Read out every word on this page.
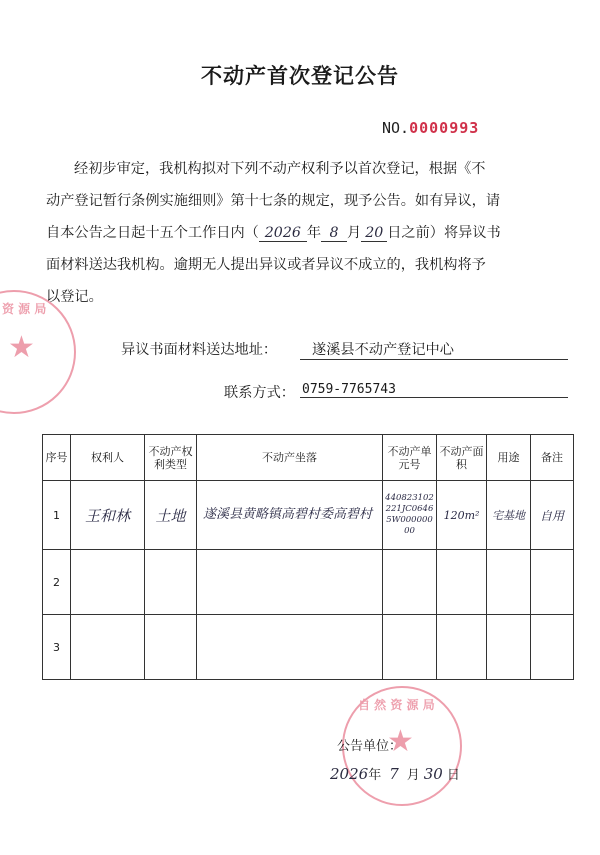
不动产首次登记公告
NO.0000993
经初步审定，我机构拟对下列不动产权利予以首次登记，根据《不
动产登记暂行条例实施细则》第十七条的规定，现予公告。如有异议，请
自本公告之日起十五个工作日内（ 2026 年 8 月 20 日之前）将异议书
面材料送达我机构。逾期无人提出异议或者异议不成立的，我机构将予
以登记。
异议书面材料送达地址：	遂溪县不动产登记中心
联系方式： 0759-7765743
序号	权利人	不动产权利类型	不动产坐落	不动产单元号	不动产面　积	用途	备注
1	王和林	土地	遂溪县黄略镇高碧村委高碧村	440823102221JC06465W00000000	120m²	宅基地	自用
2							
3							
★
资 源 局
★
自 然 资 源 局
公告单位：
2026年 7 月 30 日
